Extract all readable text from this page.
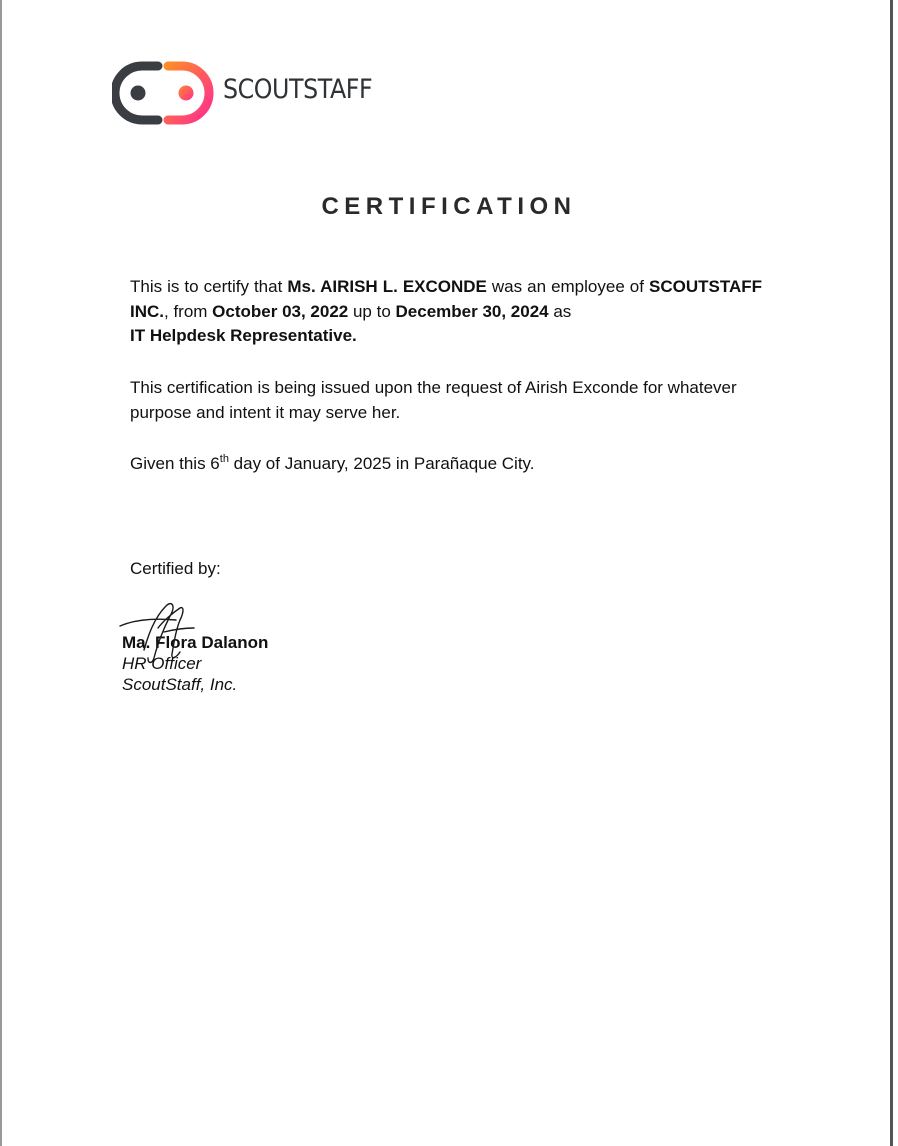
SCOUTSTAFF
CERTIFICATION
This is to certify that Ms. AIRISH L. EXCONDE was an employee of SCOUTSTAFF INC., from October 03, 2022 up to December 30, 2024 as
IT Helpdesk Representative.
This certification is being issued upon the request of Airish Exconde for whatever purpose and intent it may serve her.
Given this 6th day of January, 2025 in Parañaque City.
Certified by:
Ma. Flora Dalanon
HR Officer
ScoutStaff, Inc.
